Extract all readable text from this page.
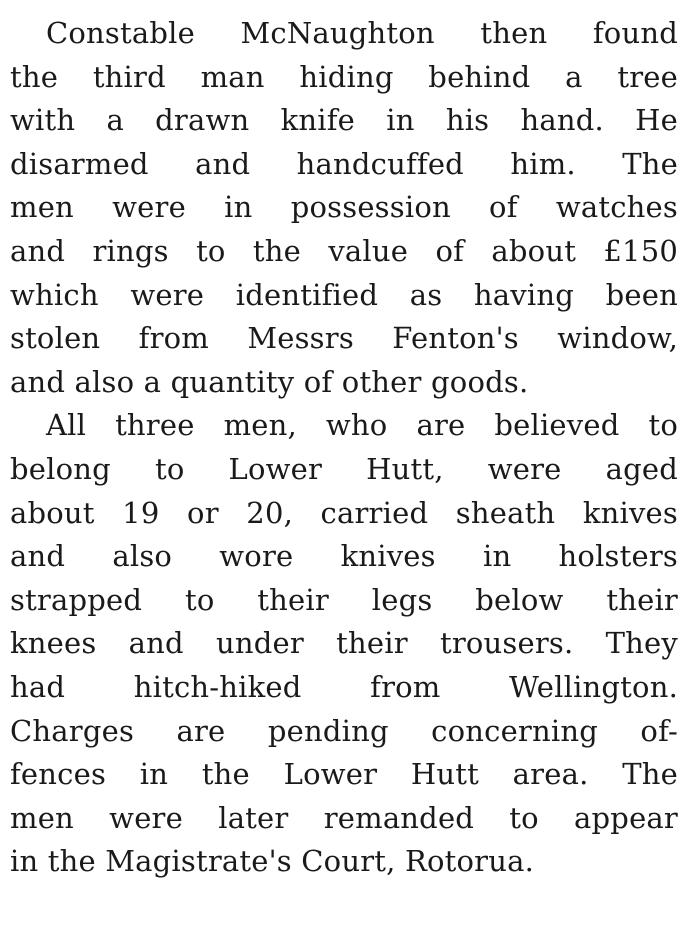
Constable McNaughton then found
the third man hiding behind a tree
with a drawn knife in his hand. He
disarmed and handcuffed him. The
men were in possession of watches
and rings to the value of about £150
which were identified as having been
stolen from Messrs Fenton's window,
and also a quantity of other goods.
All three men, who are believed to
belong to Lower Hutt, were aged
about 19 or 20, carried sheath knives
and also wore knives in holsters
strapped to their legs below their
knees and under their trousers. They
had hitch-hiked from Wellington.
Charges are pending concerning of-
fences in the Lower Hutt area. The
men were later remanded to appear
in the Magistrate's Court, Rotorua.
